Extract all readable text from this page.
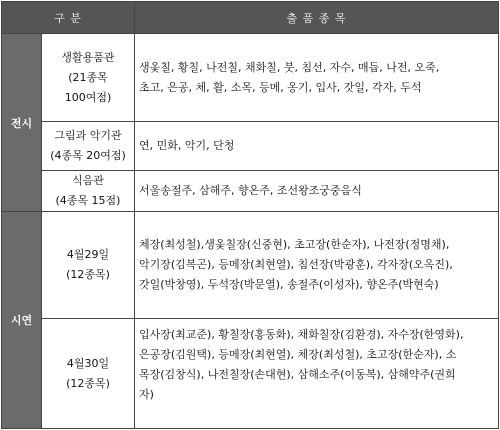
구 분		출 품 종 목
전시	생활용품관
(21종목
100여점)	생옻칠, 황칠, 나전칠, 채화칠, 붓, 침선, 자수, 매듭, 나전, 오죽,
초고, 은공, 체, 활, 소목, 등메, 옹기, 입사, 갓일, 각자, 두석

	그림과 악기관
(4종목 20여점)	연, 민화, 악기, 단청

	식음관
(4종목 15점)	서울송절주, 삼해주, 향온주, 조선왕조궁중음식

시연	4월29일
(12종목)	체장(최성철),생옻칠장(신중현), 초고장(한순자), 나전장(정명채),
악기장(김복곤), 등메장(최현열), 침선장(박광훈), 각자장(오옥진),
갓일(박창영), 두석장(박문열), 송절주(이성자), 향온주(박현숙)

	4월30일
(12종목)	입사장(최교준), 황칠장(홍동화), 채화칠장(김환경), 자수장(한영화),
은공장(김원택), 등메장(최현열), 체장(최성철), 초고장(한순자), 소
목장(김창식), 나전칠장(손대현), 삼해소주(이동복), 삼해약주(권희
자)
